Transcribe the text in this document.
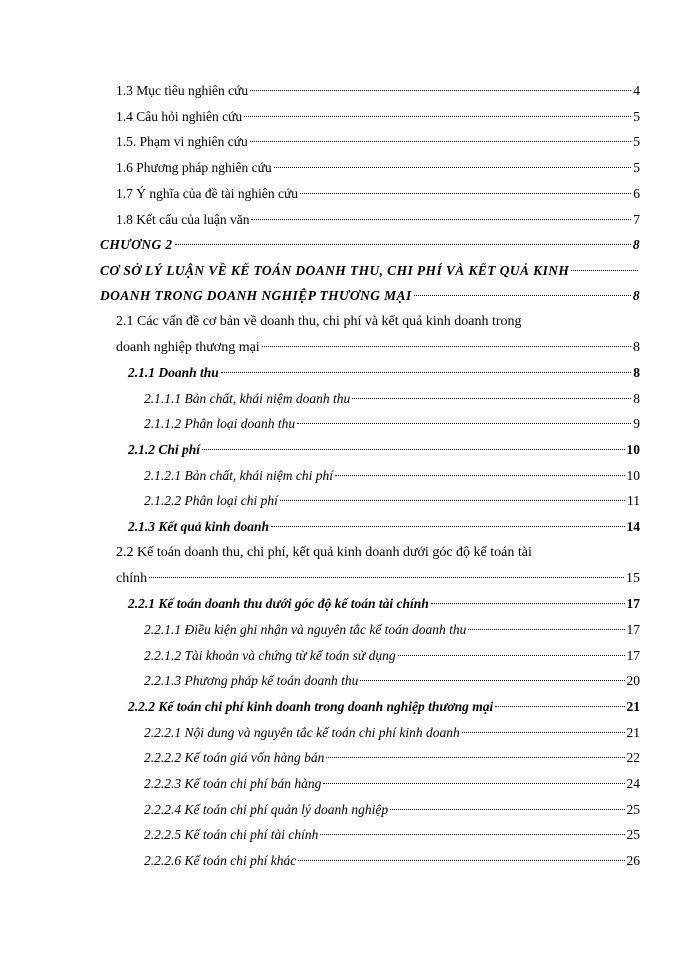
1.3 Mục tiêu nghiên cứu	4
1.4 Câu hỏi nghiên cứu	5
1.5. Phạm vi nghiên cứu	5
1.6 Phương pháp nghiên cứu	5
1.7 Ý nghĩa của đề tài nghiên cứu	6
1.8 Kết cấu của luận văn	7
CHƯƠNG 2	8
CƠ SỞ LÝ LUẬN VỀ KẾ TOÁN DOANH THU, CHI PHÍ VÀ KẾT QUẢ KINH
DOANH TRONG DOANH NGHIỆP THƯƠNG MẠI	8
2.1 Các vấn đề cơ bản về doanh thu, chi phí và kết quả kinh doanh trong
doanh nghiệp thương mại	8
2.1.1 Doanh thu	8
2.1.1.1 Bản chất, khái niệm doanh thu	8
2.1.1.2 Phân loại doanh thu	9
2.1.2 Chi phí	10
2.1.2.1 Bản chất, khái niệm chi phí	10
2.1.2.2 Phân loại chi phí	11
2.1.3 Kết quả kinh doanh	14
2.2 Kế toán doanh thu, chi phí, kết quả kinh doanh dưới góc độ kế toán tài
chính	15
2.2.1 Kế toán doanh thu dưới góc độ kế toán tài chính	17
2.2.1.1 Điều kiện ghi nhận và nguyên tắc kế toán doanh thu	17
2.2.1.2 Tài khoản và chứng từ kế toán sử dụng	17
2.2.1.3 Phương pháp kế toán doanh thu	20
2.2.2 Kế toán chi phí kinh doanh trong doanh nghiệp thương mại	21
2.2.2.1 Nội dung và nguyên tắc kế toán chi phí kinh doanh	21
2.2.2.2 Kế toán giá vốn hàng bán	22
2.2.2.3 Kế toán chi phí bán hàng	24
2.2.2.4 Kế toán chi phí quản lý doanh nghiệp	25
2.2.2.5 Kế toán chi phí tài chính	25
2.2.2.6 Kế toán chi phí khác	26
